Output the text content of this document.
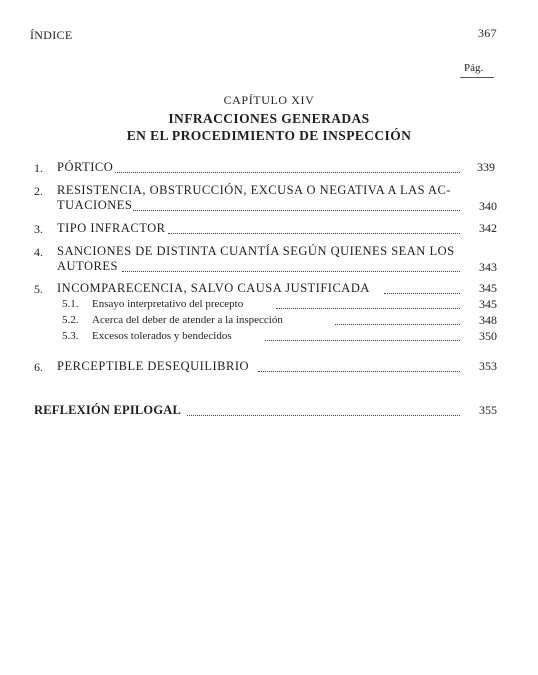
ÍNDICE	367
Pág.
CAPÍTULO XIV
INFRACCIONES GENERADAS
EN EL PROCEDIMIENTO DE INSPECCIÓN
1. PÓRTICO	339
2. RESISTENCIA, OBSTRUCCIÓN, EXCUSA O NEGATIVA A LAS AC-
TUACIONES	340
3. TIPO INFRACTOR	342
4. SANCIONES DE DISTINTA CUANTÍA SEGÚN QUIENES SEAN LOS
AUTORES	343
5. INCOMPARECENCIA, SALVO CAUSA JUSTIFICADA	345
5.1. Ensayo interpretativo del precepto	345
5.2. Acerca del deber de atender a la inspección	348
5.3. Excesos tolerados y bendecidos	350
6. PERCEPTIBLE DESEQUILIBRIO	353
REFLEXIÓN EPILOGAL	355
